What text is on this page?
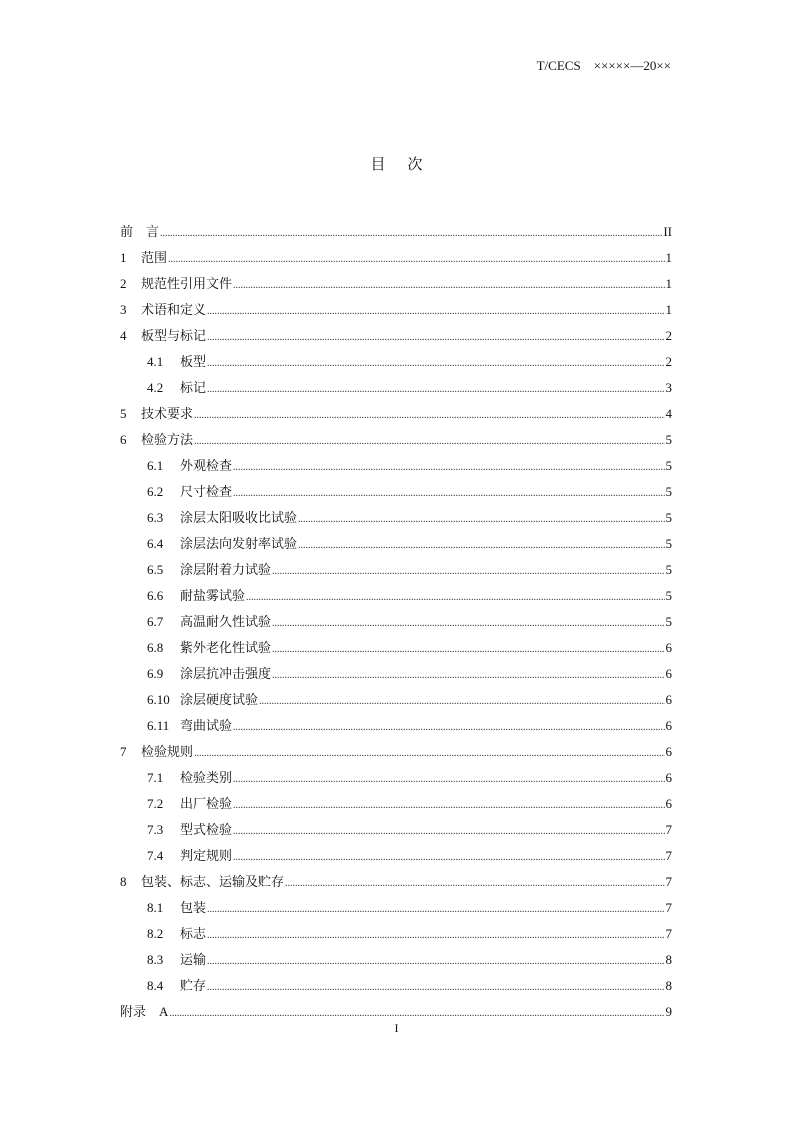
T/CECS    ×××××—20××
目 次
前　言 .....	II
1	范围 .....	1
2	规范性引用文件 .....	1
3	术语和定义 .....	1
4	板型与标记 .....	2
4.1	板型 .....	2
4.2	标记 .....	3
5	技术要求 .....	4
6	检验方法 .....	5
6.1	外观检查 .....	5
6.2	尺寸检查 .....	5
6.3	涂层太阳吸收比试验 .....	5
6.4	涂层法向发射率试验 .....	5
6.5	涂层附着力试验 .....	5
6.6	耐盐雾试验 .....	5
6.7	高温耐久性试验 .....	5
6.8	紫外老化性试验 .....	6
6.9	涂层抗冲击强度 .....	6
6.10 涂层硬度试验 .....	6
6.11 弯曲试验 .....	6
7	检验规则 .....	6
7.1	检验类别 .....	6
7.2	出厂检验 .....	6
7.3	型式检验 .....	7
7.4	判定规则 .....	7
8	包装、标志、运输及贮存 .....	7
8.1	包装 .....	7
8.2	标志 .....	7
8.3	运输 .....	8
8.4	贮存 .....	8
附录　A .....	9
I
